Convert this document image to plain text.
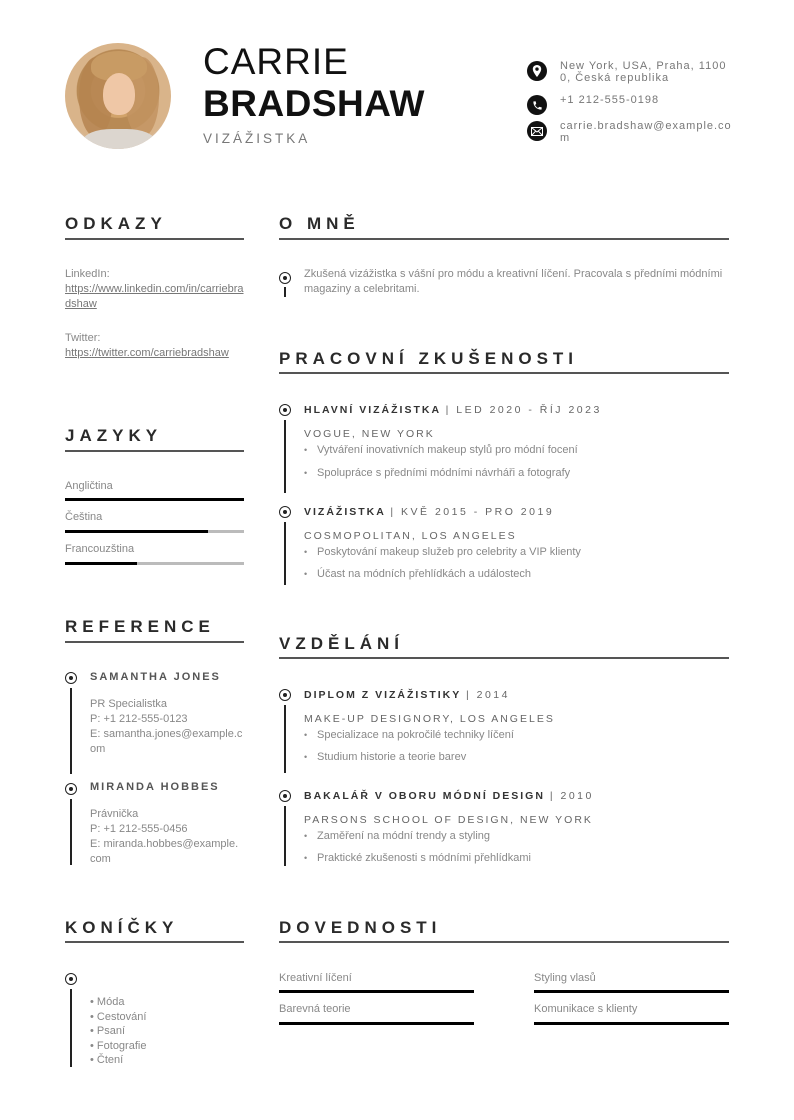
CARRIE
BRADSHAW
VIZÁŽISTKA
New York, USA, Praha, 11000, Česká republika
+1 212-555-0198
carrie.bradshaw@example.com
ODKAZY
LinkedIn:
https://www.linkedin.com/in/carriebradshaw
Twitter:
https://twitter.com/carriebradshaw
JAZYKY
Angličtina
Čeština
Francouzština
REFERENCE
SAMANTHA JONES
PR Specialistka
P: +1 212-555-0123
E: samantha.jones@example.com
MIRANDA HOBBES
Právnička
P: +1 212-555-0456
E: miranda.hobbes@example.com
KONÍČKY
• Móda
• Cestování
• Psaní
• Fotografie
• Čtení
O MNĚ
Zkušená vizážistka s vášní pro módu a kreativní líčení. Pracovala s předními módními magaziny a celebritami.
PRACOVNÍ ZKUŠENOSTI
HLAVNÍ VIZÁŽISTKA | LED 2020 - ŘÍJ 2023
VOGUE, NEW YORK
• Vytváření inovativních makeup stylů pro módní focení
• Spolupráce s předními módními návrháři a fotografy
VIZÁŽISTKA | KVĚ 2015 - PRO 2019
COSMOPOLITAN, LOS ANGELES
• Poskytování makeup služeb pro celebrity a VIP klienty
• Účast na módních přehlídkách a událostech
VZDĚLÁNÍ
DIPLOM Z VIZÁŽISTIKY | 2014
MAKE-UP DESIGNORY, LOS ANGELES
• Specializace na pokročilé techniky líčení
• Studium historie a teorie barev
BAKALÁŘ V OBORU MÓDNÍ DESIGN | 2010
PARSONS SCHOOL OF DESIGN, NEW YORK
• Zaměření na módní trendy a styling
• Praktické zkušenosti s módními přehlídkami
DOVEDNOSTI
Kreativní líčení	Styling vlasů
Barevná teorie	Komunikace s klienty
